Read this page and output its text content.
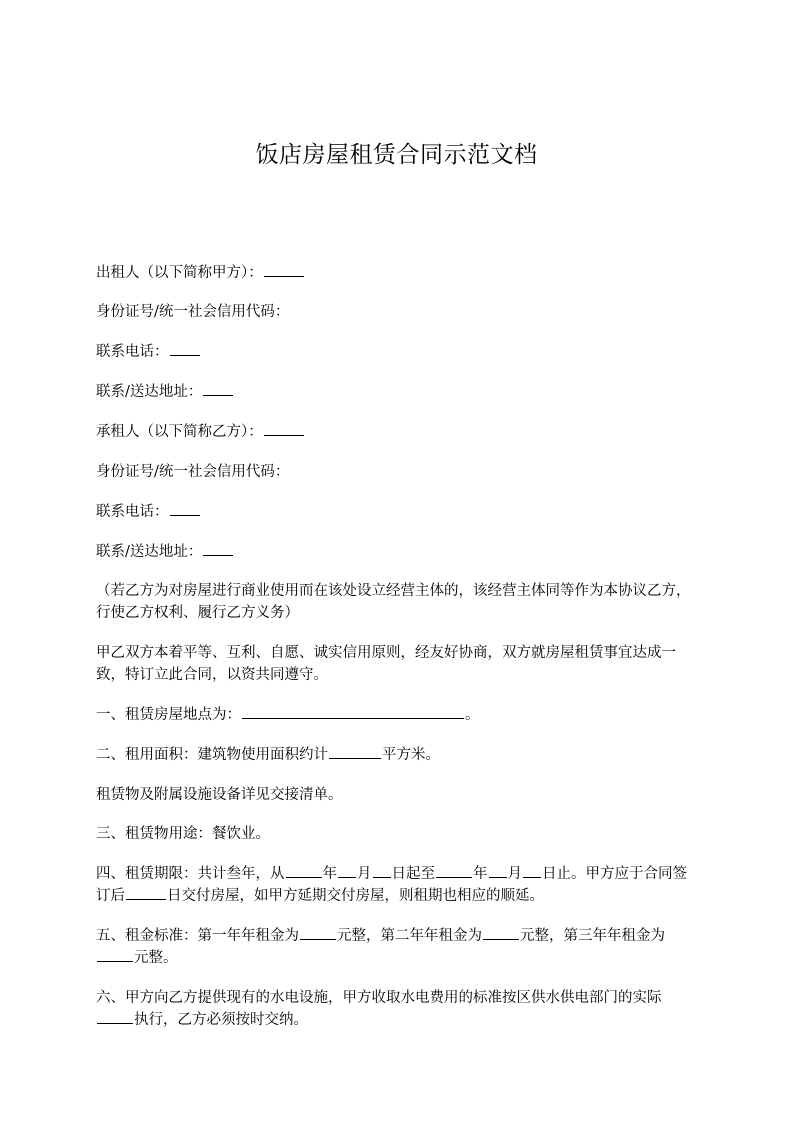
饭店房屋租赁合同示范文档

出租人（以下简称甲方）：

身份证号/统一社会信用代码：

联系电话：

联系/送达地址：

承租人（以下简称乙方）：

身份证号/统一社会信用代码：

联系电话：

联系/送达地址：

（若乙方为对房屋进行商业使用而在该处设立经营主体的，该经营主体同等作为本协议乙方，行使乙方权利、履行乙方义务）

甲乙双方本着平等、互利、自愿、诚实信用原则，经友好协商，双方就房屋租赁事宜达成一致，特订立此合同，以资共同遵守。

一、租赁房屋地点为：	。

二、租用面积：建筑物使用面积约计	平方米。

租赁物及附属设施设备详见交接清单。

三、租赁物用途：餐饮业。

四、租赁期限：共计叁年，从	年 月 日起至	年 月 日止。甲方应于合同签订后	日交付房屋，如甲方延期交付房屋，则租期也相应的顺延。

五、租金标准：第一年年租金为	元整，第二年年租金为	元整，第三年年租金为元整。

六、甲方向乙方提供现有的水电设施，甲方收取水电费用的标准按区供水供电部门的实际执行，乙方必须按时交纳。
